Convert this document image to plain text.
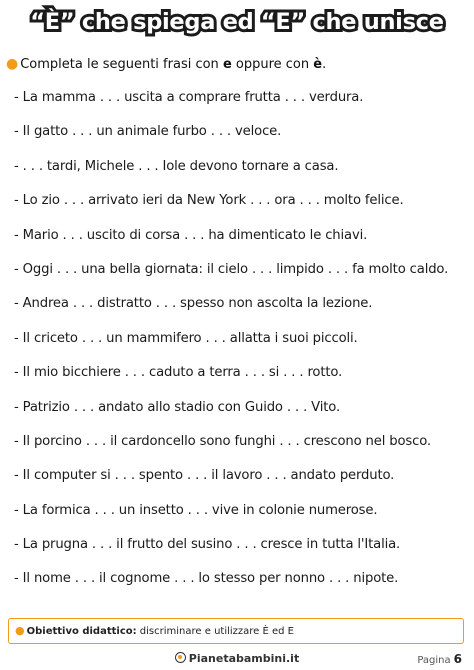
“È” che spiega ed “E” che unisce
● Completa le seguenti frasi con e oppure con è.
- La mamma . . . uscita a comprare frutta . . . verdura.
- Il gatto . . . un animale furbo . . . veloce.
- . . . tardi, Michele . . . Iole devono tornare a casa.
- Lo zio . . . arrivato ieri da New York . . . ora . . . molto felice.
- Mario . . . uscito di corsa . . . ha dimenticato le chiavi.
- Oggi . . . una bella giornata: il cielo . . . limpido . . . fa molto caldo.
- Andrea . . . distratto . . . spesso non ascolta la lezione.
- Il criceto . . . un mammifero . . . allatta i suoi piccoli.
- Il mio bicchiere . . . caduto a terra . . . si . . . rotto.
- Patrizio . . . andato allo stadio con Guido . . . Vito.
- Il porcino . . . il cardoncello sono funghi . . . crescono nel bosco.
- Il computer si . . . spento . . . il lavoro . . . andato perduto.
- La formica . . . un insetto . . . vive in colonie numerose.
- La prugna . . . il frutto del susino . . . cresce in tutta l'Italia.
- Il nome . . . il cognome . . . lo stesso per nonno . . . nipote.
● Obiettivo didattico: discriminare e utilizzare È ed E
Pianetabambini.it	Pagina 6
